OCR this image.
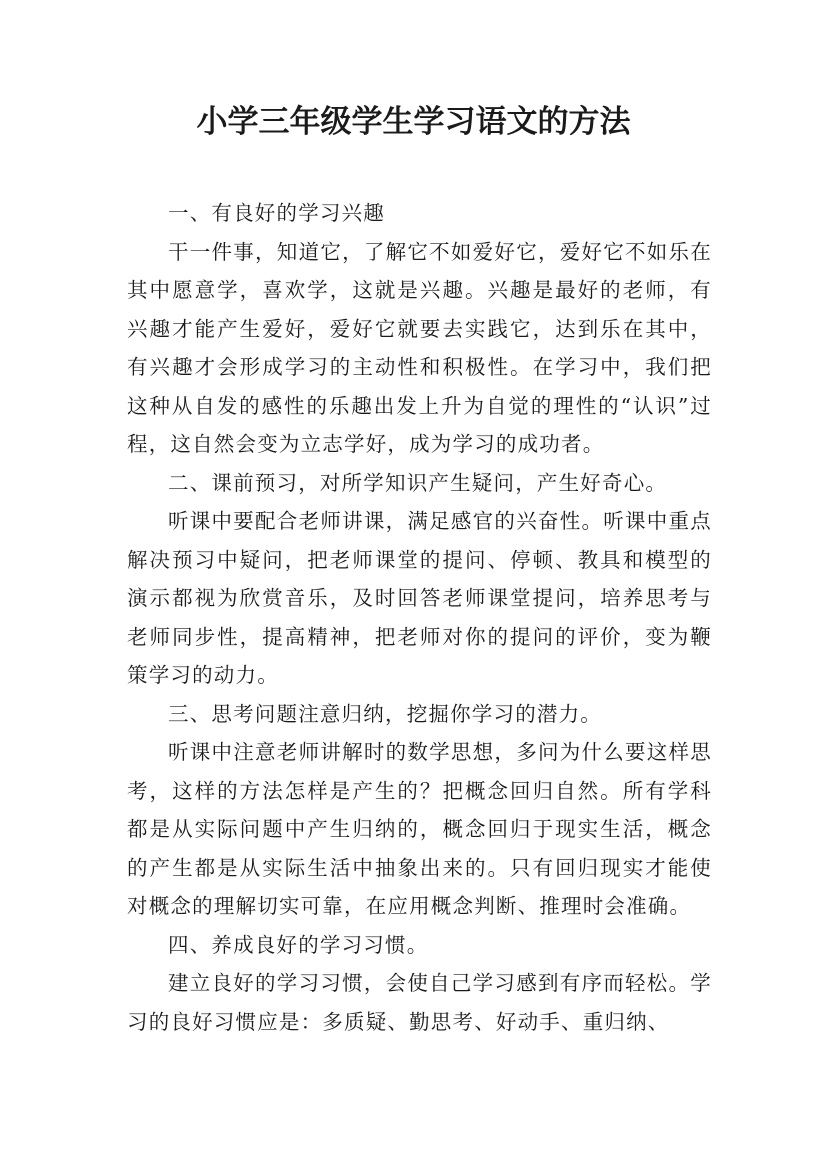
小学三年级学生学习语文的方法

一、有良好的学习兴趣

干一件事，知道它，了解它不如爱好它，爱好它不如乐在其中愿意学，喜欢学，这就是兴趣。兴趣是最好的老师，有兴趣才能产生爱好，爱好它就要去实践它，达到乐在其中，有兴趣才会形成学习的主动性和积极性。在学习中，我们把这种从自发的感性的乐趣出发上升为自觉的理性的“认识”过程，这自然会变为立志学好，成为学习的成功者。

二、课前预习，对所学知识产生疑问，产生好奇心。

听课中要配合老师讲课，满足感官的兴奋性。听课中重点解决预习中疑问，把老师课堂的提问、停顿、教具和模型的演示都视为欣赏音乐，及时回答老师课堂提问，培养思考与老师同步性，提高精神，把老师对你的提问的评价，变为鞭策学习的动力。

三、思考问题注意归纳，挖掘你学习的潜力。

听课中注意老师讲解时的数学思想，多问为什么要这样思考，这样的方法怎样是产生的？把概念回归自然。所有学科都是从实际问题中产生归纳的，概念回归于现实生活，概念的产生都是从实际生活中抽象出来的。只有回归现实才能使对概念的理解切实可靠，在应用概念判断、推理时会准确。

四、养成良好的学习习惯。

建立良好的学习习惯，会使自己学习感到有序而轻松。学习的良好习惯应是：多质疑、勤思考、好动手、重归纳、
